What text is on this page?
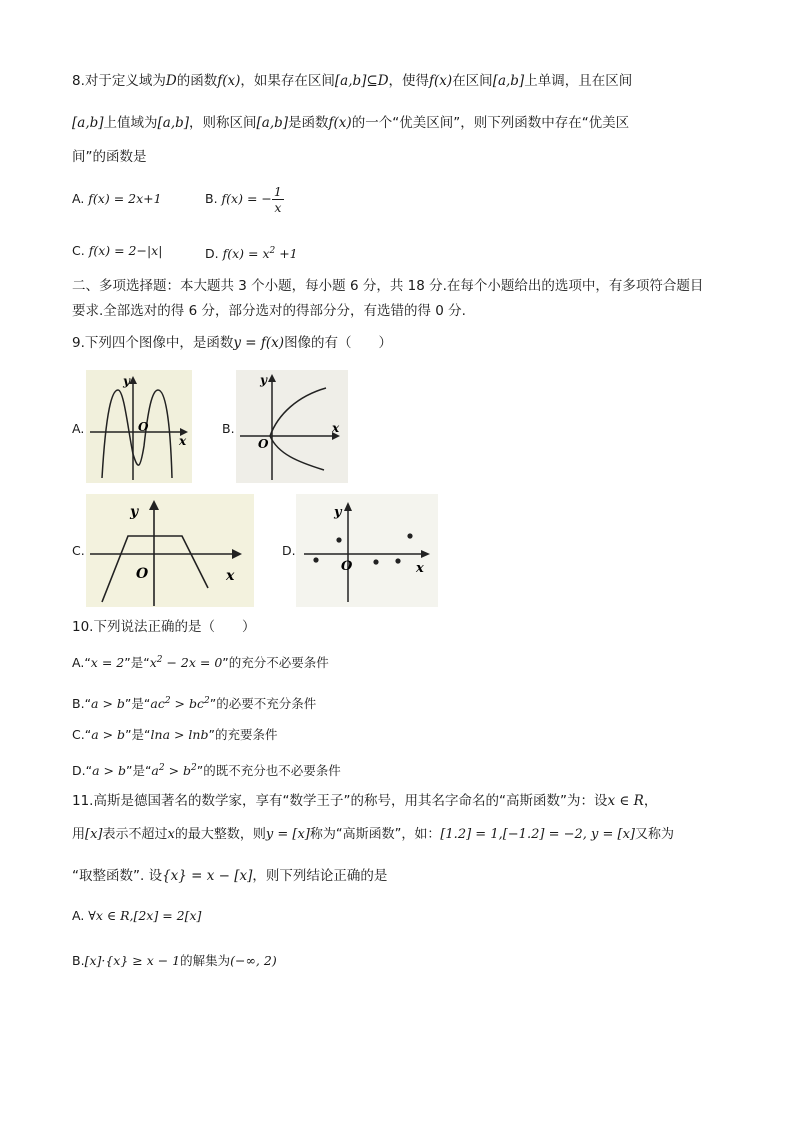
8.对于定义域为D的函数f(x)，如果存在区间[a,b]⊆D，使得f(x)在区间[a,b]上单调，且在区间
[a,b]上值域为[a,b]，则称区间[a,b]是函数f(x)的一个“优美区间”，则下列函数中存在“优美区
间”的函数是
A. f(x) = 2x+1	B. f(x) = − $\frac{1}{x}$
C. f(x) = 2−|x|	D. $f(x) = x^2 +1$
二、多项选择题：本大题共 3 个小题，每小题 6 分，共 18 分.在每个小题给出的选项中，有多项符合题目
要求.全部选对的得 6 分，部分选对的得部分分，有选错的得 0 分.
9.下列四个图像中，是函数y = f(x)图像的有（　　）
A.
y
x
O	B.
y
x
O
C.
y
x
O
D.
y
x
O
10.下列说法正确的是（　　）
A.“x = 2”是“$x^2 - 2x = 0$”的充分不必要条件
B.“a > b”是“$ac^2 > bc^2$”的必要不充分条件
C.“a > b”是“lna > lnb”的充要条件
D.“a > b”是“$a^2 > b^2$”的既不充分也不必要条件
11.高斯是德国著名的数学家，享有“数学王子”的称号，用其名字命名的“高斯函数”为：设x ∈ R，
用[x]表示不超过x的最大整数，则y = [x]称为“高斯函数”，如：[1.2] = 1,[−1.2] = −2, y = [x]又称为
“取整函数”. 设{x} = x − [x]，则下列结论正确的是
A. ∀x ∈ R,[2x] = 2[x]
B.[x]·{x} ≥ x − 1的解集为(−∞, 2)
